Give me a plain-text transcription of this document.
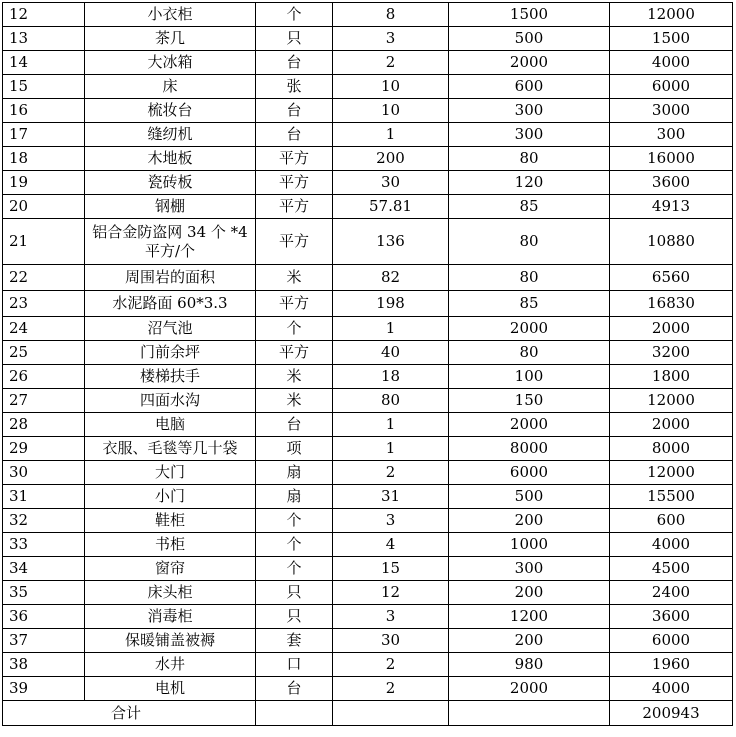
12	小衣柜	个	8	1500	12000
13	茶几	只	3	500	1500
14	大冰箱	台	2	2000	4000
15	床	张	10	600	6000
16	梳妆台	台	10	300	3000
17	缝纫机	台	1	300	300
18	木地板	平方	200	80	16000
19	瓷砖板	平方	30	120	3600
20	钢棚	平方	57.81	85	4913
21	铝合金防盗网 34 个 *4 平方/个	平方	136	80	10880
22	周围岩的面积	米	82	80	6560
23	水泥路面 60*3.3	平方	198	85	16830
24	沼气池	个	1	2000	2000
25	门前余坪	平方	40	80	3200
26	楼梯扶手	米	18	100	1800
27	四面水沟	米	80	150	12000
28	电脑	台	1	2000	2000
29	衣服、毛毯等几十袋	项	1	8000	8000
30	大门	扇	2	6000	12000
31	小门	扇	31	500	15500
32	鞋柜	个	3	200	600
33	书柜	个	4	1000	4000
34	窗帘	个	15	300	4500
35	床头柜	只	12	200	2400
36	消毒柜	只	3	1200	3600
37	保暖铺盖被褥	套	30	200	6000
38	水井	口	2	980	1960
39	电机	台	2	2000	4000
合计					200943
